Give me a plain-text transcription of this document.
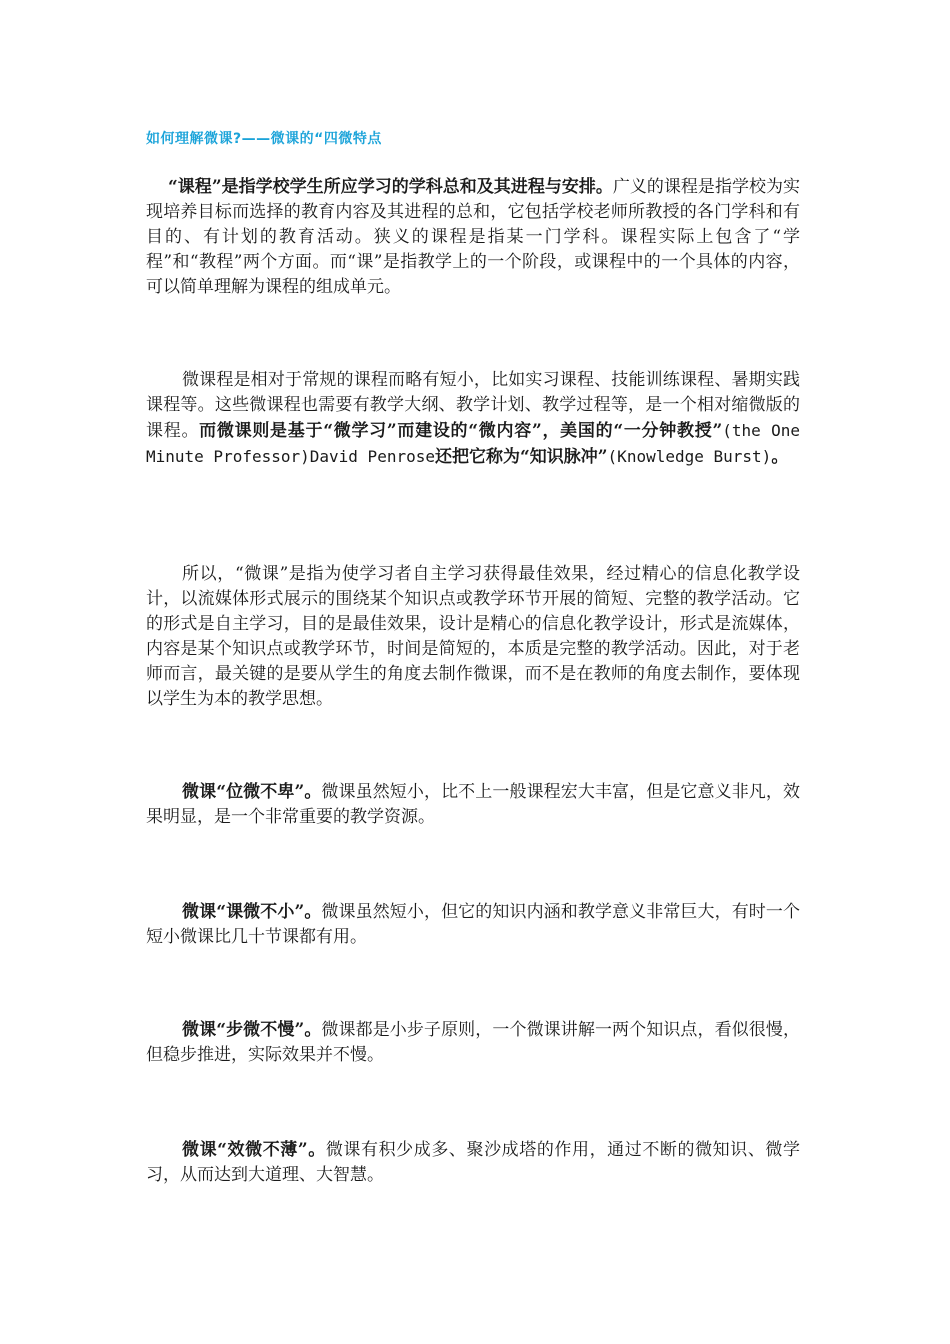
如何理解微课?——微课的“四微特点

“课程”是指学校学生所应学习的学科总和及其进程与安排。广义的课程是指学校为实现培养目标而选择的教育内容及其进程的总和，它包括学校老师所教授的各门学科和有目的、有计划的教育活动。狭义的课程是指某一门学科。课程实际上包含了“学程”和“教程”两个方面。而“课”是指教学上的一个阶段，或课程中的一个具体的内容，可以简单理解为课程的组成单元。

微课程是相对于常规的课程而略有短小，比如实习课程、技能训练课程、暑期实践课程等。这些微课程也需要有教学大纲、教学计划、教学过程等，是一个相对缩微版的课程。而微课则是基于“微学习”而建设的“微内容”，美国的“一分钟教授”(the One Minute Professor)David Penrose还把它称为“知识脉冲”(Knowledge Burst)。

所以，“微课”是指为使学习者自主学习获得最佳效果，经过精心的信息化教学设计，以流媒体形式展示的围绕某个知识点或教学环节开展的简短、完整的教学活动。它的形式是自主学习，目的是最佳效果，设计是精心的信息化教学设计，形式是流媒体，内容是某个知识点或教学环节，时间是简短的，本质是完整的教学活动。因此，对于老师而言，最关键的是要从学生的角度去制作微课，而不是在教师的角度去制作，要体现以学生为本的教学思想。

微课“位微不卑”。微课虽然短小，比不上一般课程宏大丰富，但是它意义非凡，效果明显，是一个非常重要的教学资源。

微课“课微不小”。微课虽然短小，但它的知识内涵和教学意义非常巨大，有时一个短小微课比几十节课都有用。

微课“步微不慢”。微课都是小步子原则，一个微课讲解一两个知识点，看似很慢，但稳步推进，实际效果并不慢。

微课“效微不薄”。微课有积少成多、聚沙成塔的作用，通过不断的微知识、微学习，从而达到大道理、大智慧。
